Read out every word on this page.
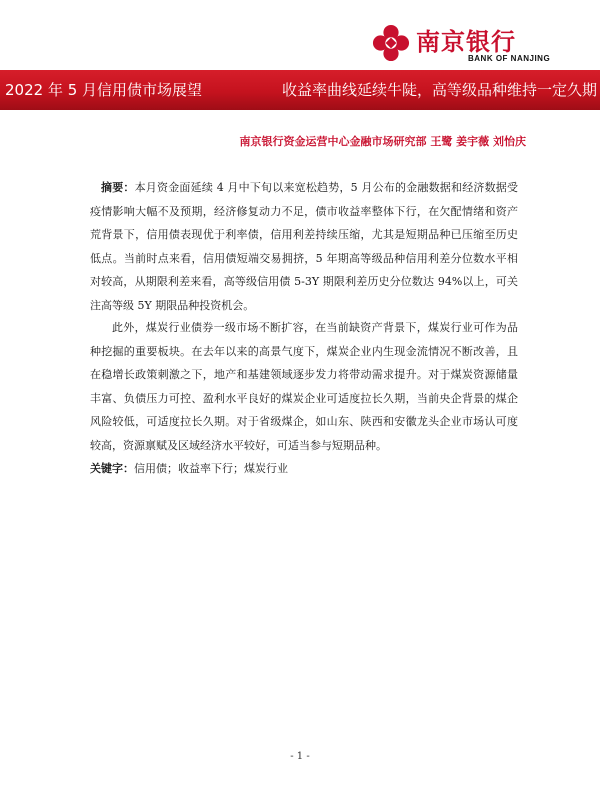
南京银行
BANK OF NANJING
2022 年 5 月信用债市场展望	收益率曲线延续牛陡，高等级品种维持一定久期
南京银行资金运营中心金融市场研究部 王鹭 姜宇薇 刘怡庆

摘要：本月资金面延续 4 月中下旬以来宽松趋势，5 月公布的金融数据和经济数据受疫情影响大幅不及预期，经济修复动力不足，债市收益率整体下行，在欠配情绪和资产荒背景下，信用债表现优于利率债，信用利差持续压缩，尤其是短期品种已压缩至历史低点。当前时点来看，信用债短端交易拥挤，5 年期高等级品种信用利差分位数水平相对较高，从期限利差来看，高等级信用债 5-3Y 期限利差历史分位数达 94%以上，可关注高等级 5Y 期限品种投资机会。

此外，煤炭行业债券一级市场不断扩容，在当前缺资产背景下，煤炭行业可作为品种挖掘的重要板块。在去年以来的高景气度下，煤炭企业内生现金流情况不断改善，且在稳增长政策刺激之下，地产和基建领域逐步发力将带动需求提升。对于煤炭资源储量丰富、负债压力可控、盈利水平良好的煤炭企业可适度拉长久期，当前央企背景的煤企风险较低，可适度拉长久期。对于省级煤企，如山东、陕西和安徽龙头企业市场认可度较高，资源禀赋及区域经济水平较好，可适当参与短期品种。

关键字：信用债；收益率下行；煤炭行业

- 1 -
